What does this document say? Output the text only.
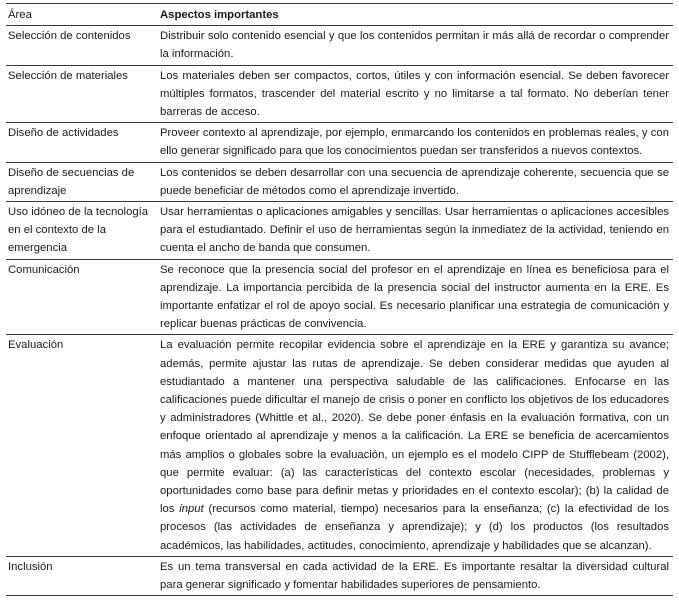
Área	Aspectos importantes
Selección de contenidos	Distribuir solo contenido esencial y que los contenidos permitan ir más allá de recordar o comprender la información.
Selección de materiales	Los materiales deben ser compactos, cortos, útiles y con información esencial. Se deben favorecer múltiples formatos, trascender del material escrito y no limitarse a tal formato. No deberían tener barreras de acceso.
Diseño de actividades	Proveer contexto al aprendizaje, por ejemplo, enmarcando los contenidos en problemas reales, y con ello generar significado para que los conocimientos puedan ser transferidos a nuevos contextos.
Diseño de secuencias de aprendizaje	Los contenidos se deben desarrollar con una secuencia de aprendizaje coherente, secuencia que se puede beneficiar de métodos como el aprendizaje invertido.
Uso idóneo de la tecnología en el contexto de la emergencia	Usar herramientas o aplicaciones amigables y sencillas. Usar herramientas o aplicaciones accesibles para el estudiantado. Definir el uso de herramientas según la inmediatez de la actividad, teniendo en cuenta el ancho de banda que consumen.
Comunicación	Se reconoce que la presencia social del profesor en el aprendizaje en línea es beneficiosa para el aprendizaje. La importancia percibida de la presencia social del instructor aumenta en la ERE. Es importante enfatizar el rol de apoyo social. Es necesario planificar una estrategia de comunicación y replicar buenas prácticas de convivencia.
Evaluación	La evaluación permite recopilar evidencia sobre el aprendizaje en la ERE y garantiza su avance; además, permite ajustar las rutas de aprendizaje. Se deben considerar medidas que ayuden al estudiantado a mantener una perspectiva saludable de las calificaciones. Enfocarse en las calificaciones puede dificultar el manejo de crisis o poner en conflicto los objetivos de los educadores y administradores (Whittle et al., 2020). Se debe poner énfasis en la evaluación formativa, con un enfoque orientado al aprendizaje y menos a la calificación. La ERE se beneficia de acercamientos más amplios o globales sobre la evaluación, un ejemplo es el modelo CIPP de Stufflebeam (2002), que permite evaluar: (a) las características del contexto escolar (necesidades, problemas y oportunidades como base para definir metas y prioridades en el contexto escolar); (b) la calidad de los input (recursos como material, tiempo) necesarios para la enseñanza; (c) la efectividad de los procesos (las actividades de enseñanza y aprendizaje); y (d) los productos (los resultados académicos, las habilidades, actitudes, conocimiento, aprendizaje y habilidades que se alcanzan).
Inclusión	Es un tema transversal en cada actividad de la ERE. Es importante resaltar la diversidad cultural para generar significado y fomentar habilidades superiores de pensamiento.
